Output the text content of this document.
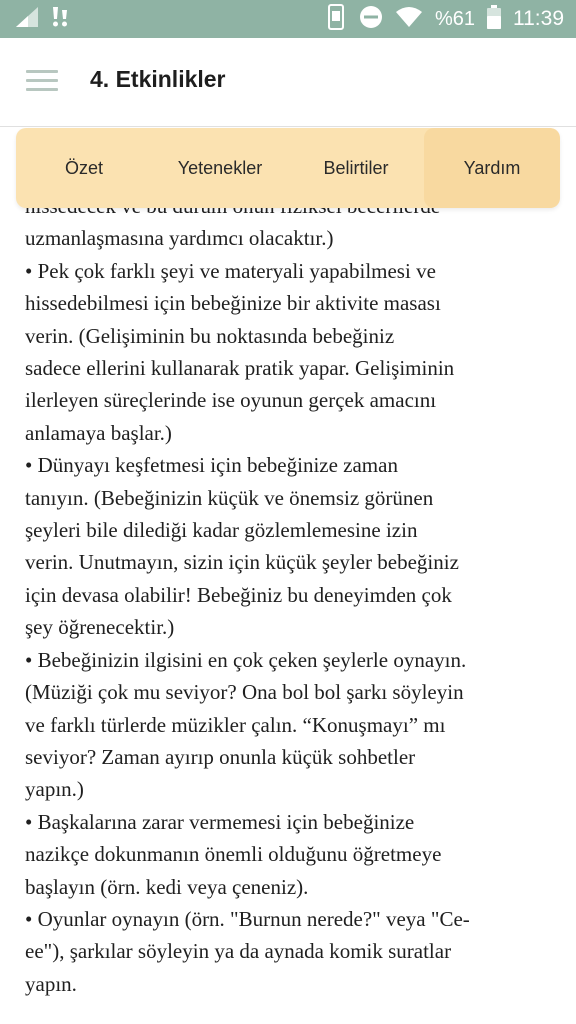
%61 11:39
4. Etkinlikler
uzmanlaşmasına yardımcı olacaktır.)
• Pek çok farklı şeyi ve materyali yapabilmesi ve
hissedebilmesi için bebeğinize bir aktivite masası
verin. (Gelişiminin bu noktasında bebeğiniz
sadece ellerini kullanarak pratik yapar. Gelişiminin
ilerleyen süreçlerinde ise oyunun gerçek amacını
anlamaya başlar.)
• Dünyayı keşfetmesi için bebeğinize zaman
tanıyın. (Bebeğinizin küçük ve önemsiz görünen
şeyleri bile dilediği kadar gözlemlemesine izin
verin. Unutmayın, sizin için küçük şeyler bebeğiniz
için devasa olabilir! Bebeğiniz bu deneyimden çok
şey öğrenecektir.)
• Bebeğinizin ilgisini en çok çeken şeylerle oynayın.
(Müziği çok mu seviyor? Ona bol bol şarkı söyleyin
ve farklı türlerde müzikler çalın. “Konuşmayı” mı
seviyor? Zaman ayırıp onunla küçük sohbetler
yapın.)
• Başkalarına zarar vermemesi için bebeğinize
nazikçe dokunmanın önemli olduğunu öğretmeye
başlayın (örn. kedi veya çeneniz).
• Oyunlar oynayın (örn. "Burnun nerede?" veya "Ce-
ee"), şarkılar söyleyin ya da aynada komik suratlar
yapın.
Özet	Yetenekler	Belirtiler	Yardım
